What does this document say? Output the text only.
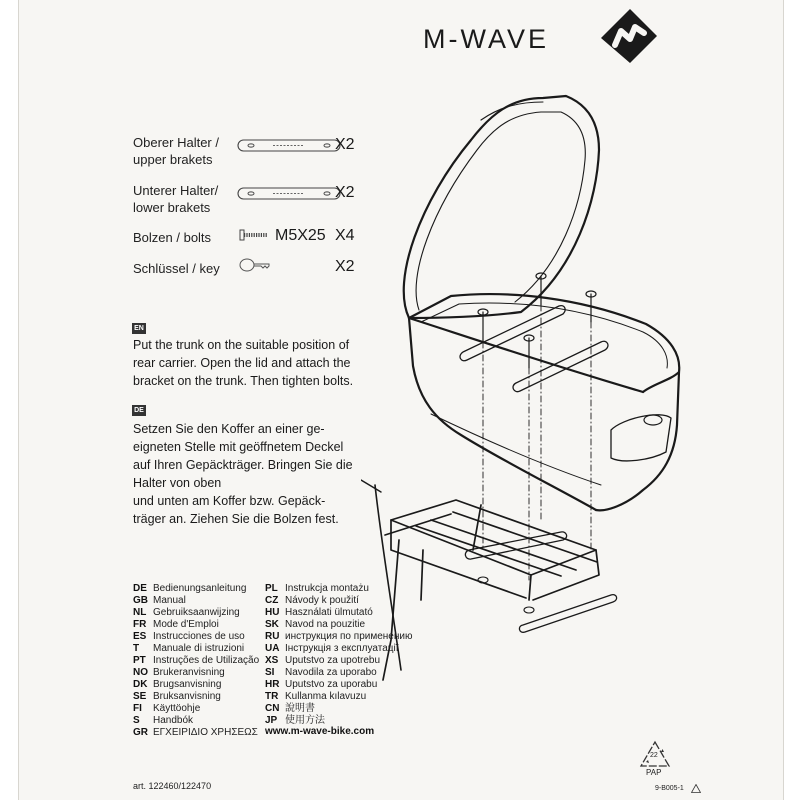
M-WAVE
Oberer Halter /
upper brakets
X2
Unterer Halter/
lower brakets
X2
Bolzen / bolts	M5X25 X4
Schlüssel / key	X2
EN
Put the trunk on the suitable position of
rear carrier. Open the lid and attach the
bracket on the trunk. Then tighten bolts.
DE
Setzen Sie den Koffer an einer ge-
eigneten Stelle mit geöffnetem Deckel
auf Ihren Gepäckträger. Bringen Sie die
Halter von oben
und unten am Koffer bzw. Gepäck-
träger an. Ziehen Sie die Bolzen fest.
DE Bedienungsanleitung
GB Manual
NL Gebruiksaanwijzing
FR Mode d'Emploi
ES Instrucciones de uso
T Manuale di istruzioni
PT Instruções de Utilização
NO Brukeranvisning
DK Brugsanvisning
SE Bruksanvisning
FI Käyttöohje
S Handbók
GR ΕΓΧΕΙΡΙΔΙΟ ΧΡΗΣΕΩΣ
PL Instrukcja montażu
CZ Návody k použití
HU Használati ülmutató
SK Navod na pouzitie
RU инструкция по применению
UA Інструкція з експлуатації
XS Uputstvo za upotrebu
SI Navodila za uporabo
HR Uputstvo za uporabu
TR Kullanma kılavuzu
CN 說明書
JP 使用方法
www.m-wave-bike.com
art. 122460/122470
22
PAP
9-B005-1
